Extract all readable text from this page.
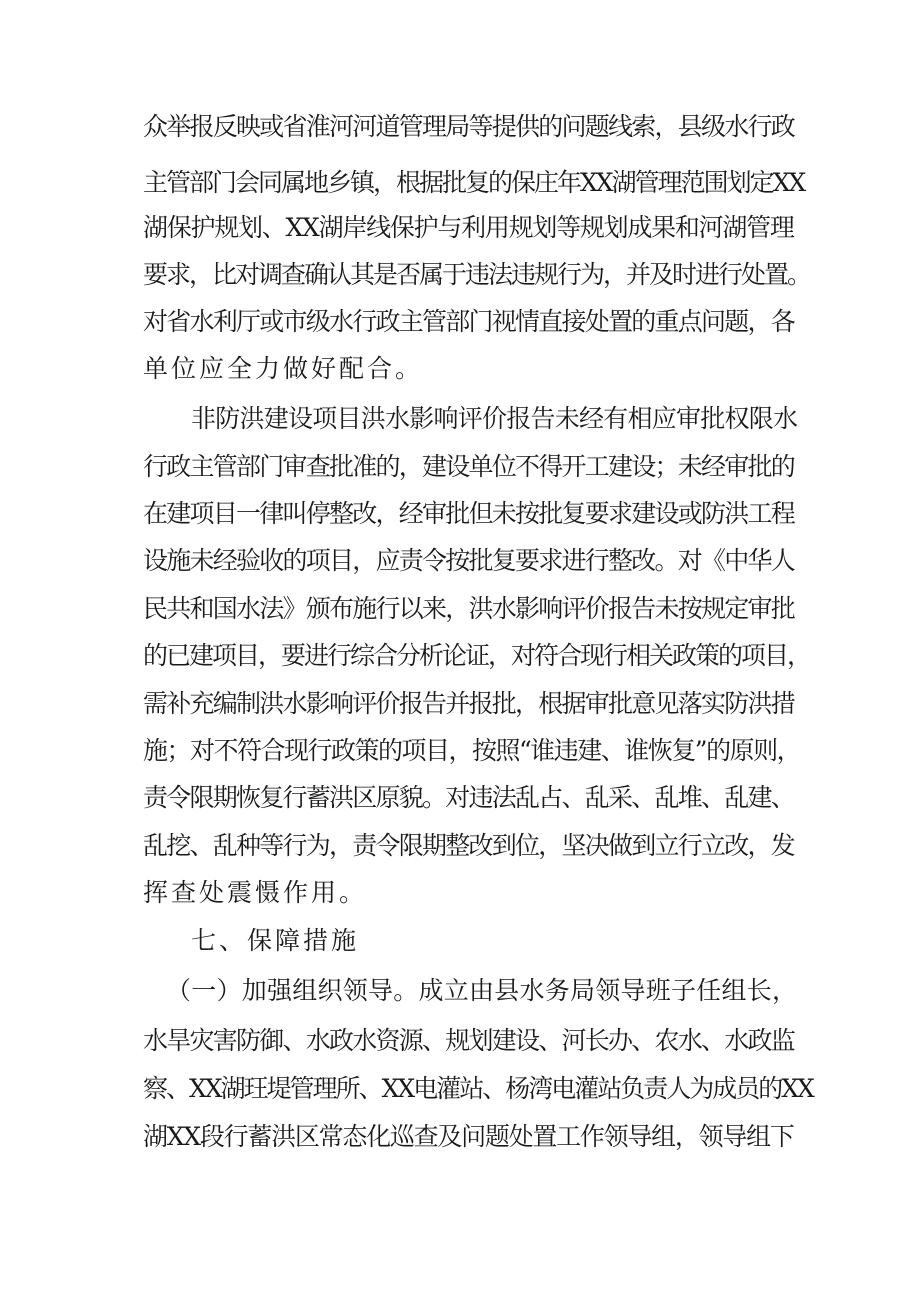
众举报反映或省淮河河道管理局等提供的问题线索，县级水行政
主管部门会同属地乡镇，根据批复的保庄年XX湖管理范围划定XX
湖保护规划、XX湖岸线保护与利用规划等规划成果和河湖管理
要求，比对调查确认其是否属于违法违规行为，并及时进行处置。
对省水利厅或市级水行政主管部门视情直接处置的重点问题，各
单位应全力做好配合。
非防洪建设项目洪水影响评价报告未经有相应审批权限水
行政主管部门审查批准的，建设单位不得开工建设；未经审批的
在建项目一律叫停整改，经审批但未按批复要求建设或防洪工程
设施未经验收的项目，应责令按批复要求进行整改。对《中华人
民共和国水法》颁布施行以来，洪水影响评价报告未按规定审批
的已建项目，要进行综合分析论证，对符合现行相关政策的项目，
需补充编制洪水影响评价报告并报批，根据审批意见落实防洪措
施；对不符合现行政策的项目，按照“谁违建、谁恢复”的原则，
责令限期恢复行蓄洪区原貌。对违法乱占、乱采、乱堆、乱建、
乱挖、乱种等行为，责令限期整改到位，坚决做到立行立改，发
挥查处震慑作用。
七、保障措施
（一）加强组织领导。成立由县水务局领导班子任组长，
水旱灾害防御、水政水资源、规划建设、河长办、农水、水政监
察、XX湖玨堤管理所、XX电灌站、杨湾电灌站负责人为成员的XX
湖XX段行蓄洪区常态化巡查及问题处置工作领导组，领导组下
